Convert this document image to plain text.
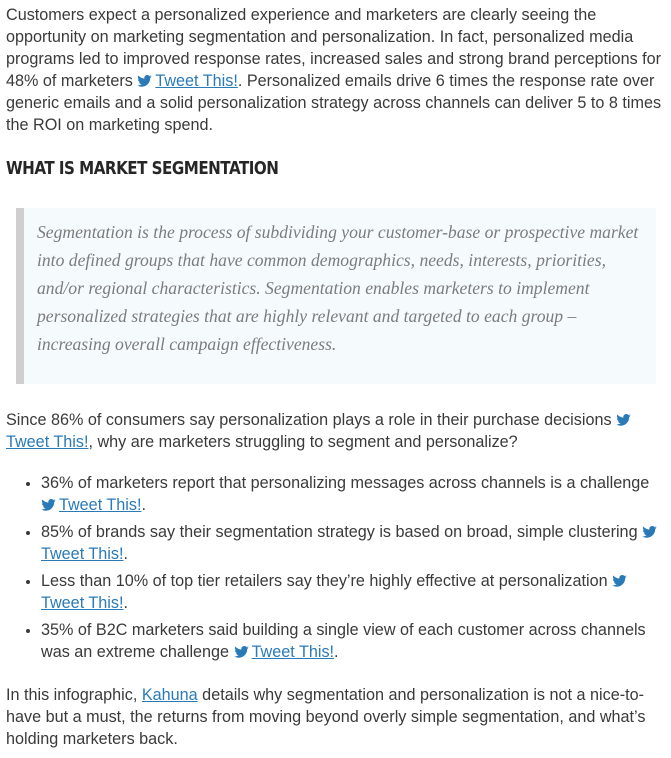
Customers expect a personalized experience and marketers are clearly seeing the opportunity on marketing segmentation and personalization. In fact, personalized media programs led to improved response rates, increased sales and strong brand perceptions for 48% of marketers Tweet This!. Personalized emails drive 6 times the response rate over generic emails and a solid personalization strategy across channels can deliver 5 to 8 times the ROI on marketing spend.

WHAT IS MARKET SEGMENTATION

Segmentation is the process of subdividing your customer-base or prospective market into defined groups that have common demographics, needs, interests, priorities, and/or regional characteristics. Segmentation enables marketers to implement personalized strategies that are highly relevant and targeted to each group – increasing overall campaign effectiveness.

Since 86% of consumers say personalization plays a role in their purchase decisions Tweet This!, why are marketers struggling to segment and personalize?

• 36% of marketers report that personalizing messages across channels is a challenge Tweet This!.
• 85% of brands say their segmentation strategy is based on broad, simple clustering Tweet This!.
• Less than 10% of top tier retailers say they’re highly effective at personalization Tweet This!.
• 35% of B2C marketers said building a single view of each customer across channels was an extreme challenge Tweet This!.

In this infographic, Kahuna details why segmentation and personalization is not a nice-to-have but a must, the returns from moving beyond overly simple segmentation, and what’s holding marketers back.
